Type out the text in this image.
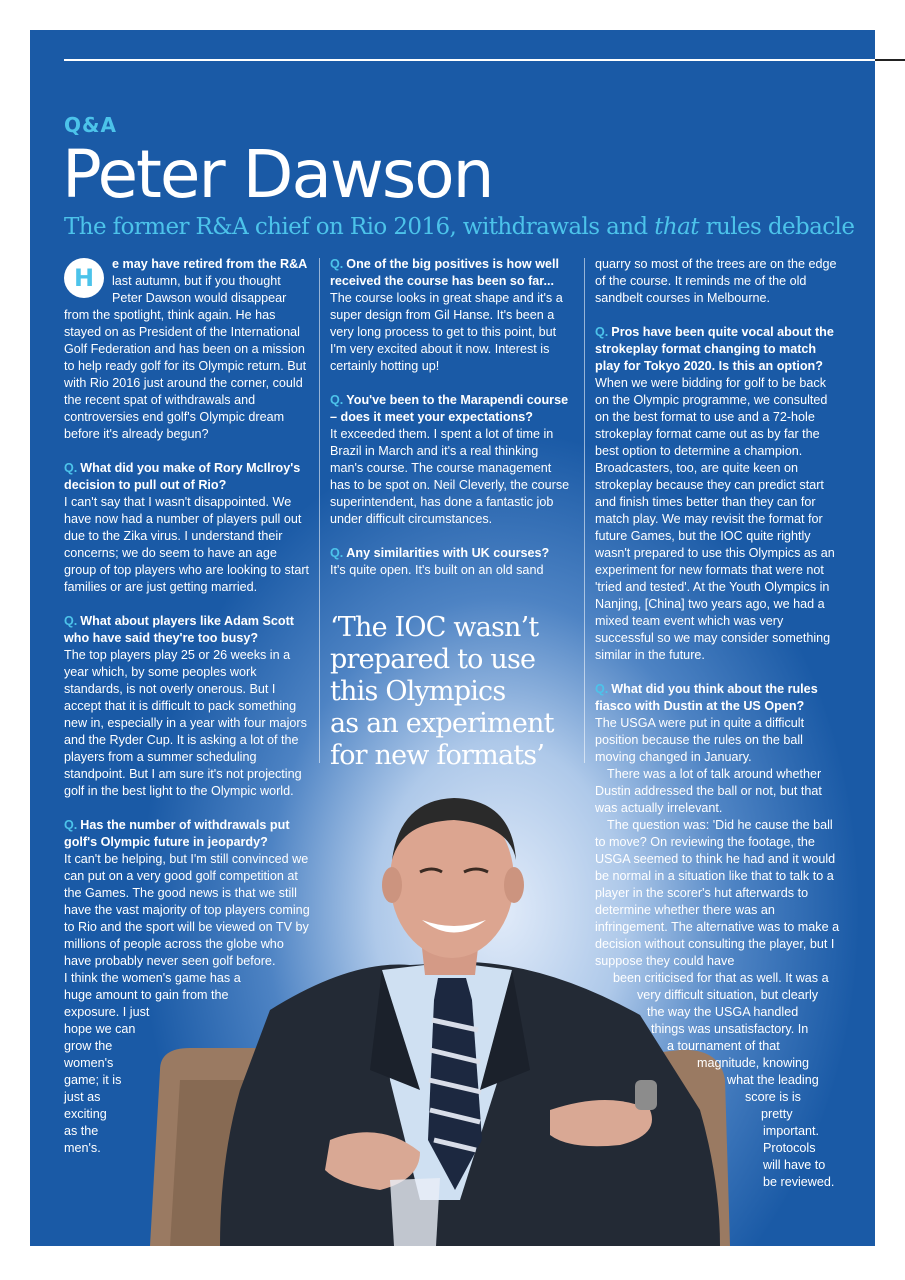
Q&A
Peter Dawson
The former R&A chief on Rio 2016, withdrawals and that rules debacle

H	e may have retired from the R&A last autumn, but if you thought Peter Dawson would disappear from the spotlight, think again. He has stayed on as President of the International Golf Federation and has been on a mission to help ready golf for its Olympic return. But with Rio 2016 just around the corner, could the recent spat of withdrawals and controversies end golf's Olympic dream before it's already begun?

Q. What did you make of Rory McIlroy's decision to pull out of Rio?

I can't say that I wasn't disappointed. We have now had a number of players pull out due to the Zika virus. I understand their concerns; we do seem to have an age group of top players who are looking to start families or are just getting married.

Q. What about players like Adam Scott who have said they're too busy?

The top players play 25 or 26 weeks in a year which, by some peoples work standards, is not overly onerous. But I accept that it is difficult to pack something new in, especially in a year with four majors and the Ryder Cup. It is asking a lot of the players from a summer scheduling standpoint. But I am sure it's not projecting golf in the best light to the Olympic world.

Q. Has the number of withdrawals put golf's Olympic future in jeopardy?

It can't be helping, but I'm still convinced we can put on a very good golf competition at the Games. The good news is that we still have the vast majority of top players coming to Rio and the sport will be viewed on TV by millions of people across the globe who have probably never seen golf before.

I think the women's game has a
huge amount to gain from the
exposure. I just
hope we can
grow the
women's
game; it is
just as
exciting
as the
men's.

Q. One of the big positives is how well received the course has been so far...

The course looks in great shape and it's a super design from Gil Hanse. It's been a very long process to get to this point, but I'm very excited about it now. Interest is certainly hotting up!

Q. You've been to the Marapendi course – does it meet your expectations?

It exceeded them. I spent a lot of time in Brazil in March and it's a real thinking man's course. The course management has to be spot on. Neil Cleverly, the course superintendent, has done a fantastic job under difficult circumstances.

Q. Any similarities with UK courses?

It's quite open. It's built on an old sand

‘The IOC wasn’t
prepared to use
this Olympics
as an experiment
for new formats’

quarry so most of the trees are on the edge of the course. It reminds me of the old sandbelt courses in Melbourne.

Q. Pros have been quite vocal about the strokeplay format changing to match play for Tokyo 2020. Is this an option?

When we were bidding for golf to be back on the Olympic programme, we consulted on the best format to use and a 72-hole strokeplay format came out as by far the best option to determine a champion. Broadcasters, too, are quite keen on strokeplay because they can predict start and finish times better than they can for match play. We may revisit the format for future Games, but the IOC quite rightly wasn't prepared to use this Olympics as an experiment for new formats that were not 'tried and tested'. At the Youth Olympics in Nanjing, [China] two years ago, we had a mixed team event which was very successful so we may consider something similar in the future.

Q. What did you think about the rules fiasco with Dustin at the US Open?

The USGA were put in quite a difficult position because the rules on the ball moving changed in January.

There was a lot of talk around whether Dustin addressed the ball or not, but that was actually irrelevant.

The question was: 'Did he cause the ball to move? On reviewing the footage, the USGA seemed to think he had and it would be normal in a situation like that to talk to a player in the scorer's hut afterwards to determine whether there was an infringement. The alternative was to make a decision without consulting the player, but I suppose they could have

been criticised for that as well. It was a
very difficult situation, but clearly
the way the USGA handled
things was unsatisfactory. In
a tournament of that
magnitude, knowing
what the leading
score is is
pretty
important.
Protocols
will have to
be reviewed.
